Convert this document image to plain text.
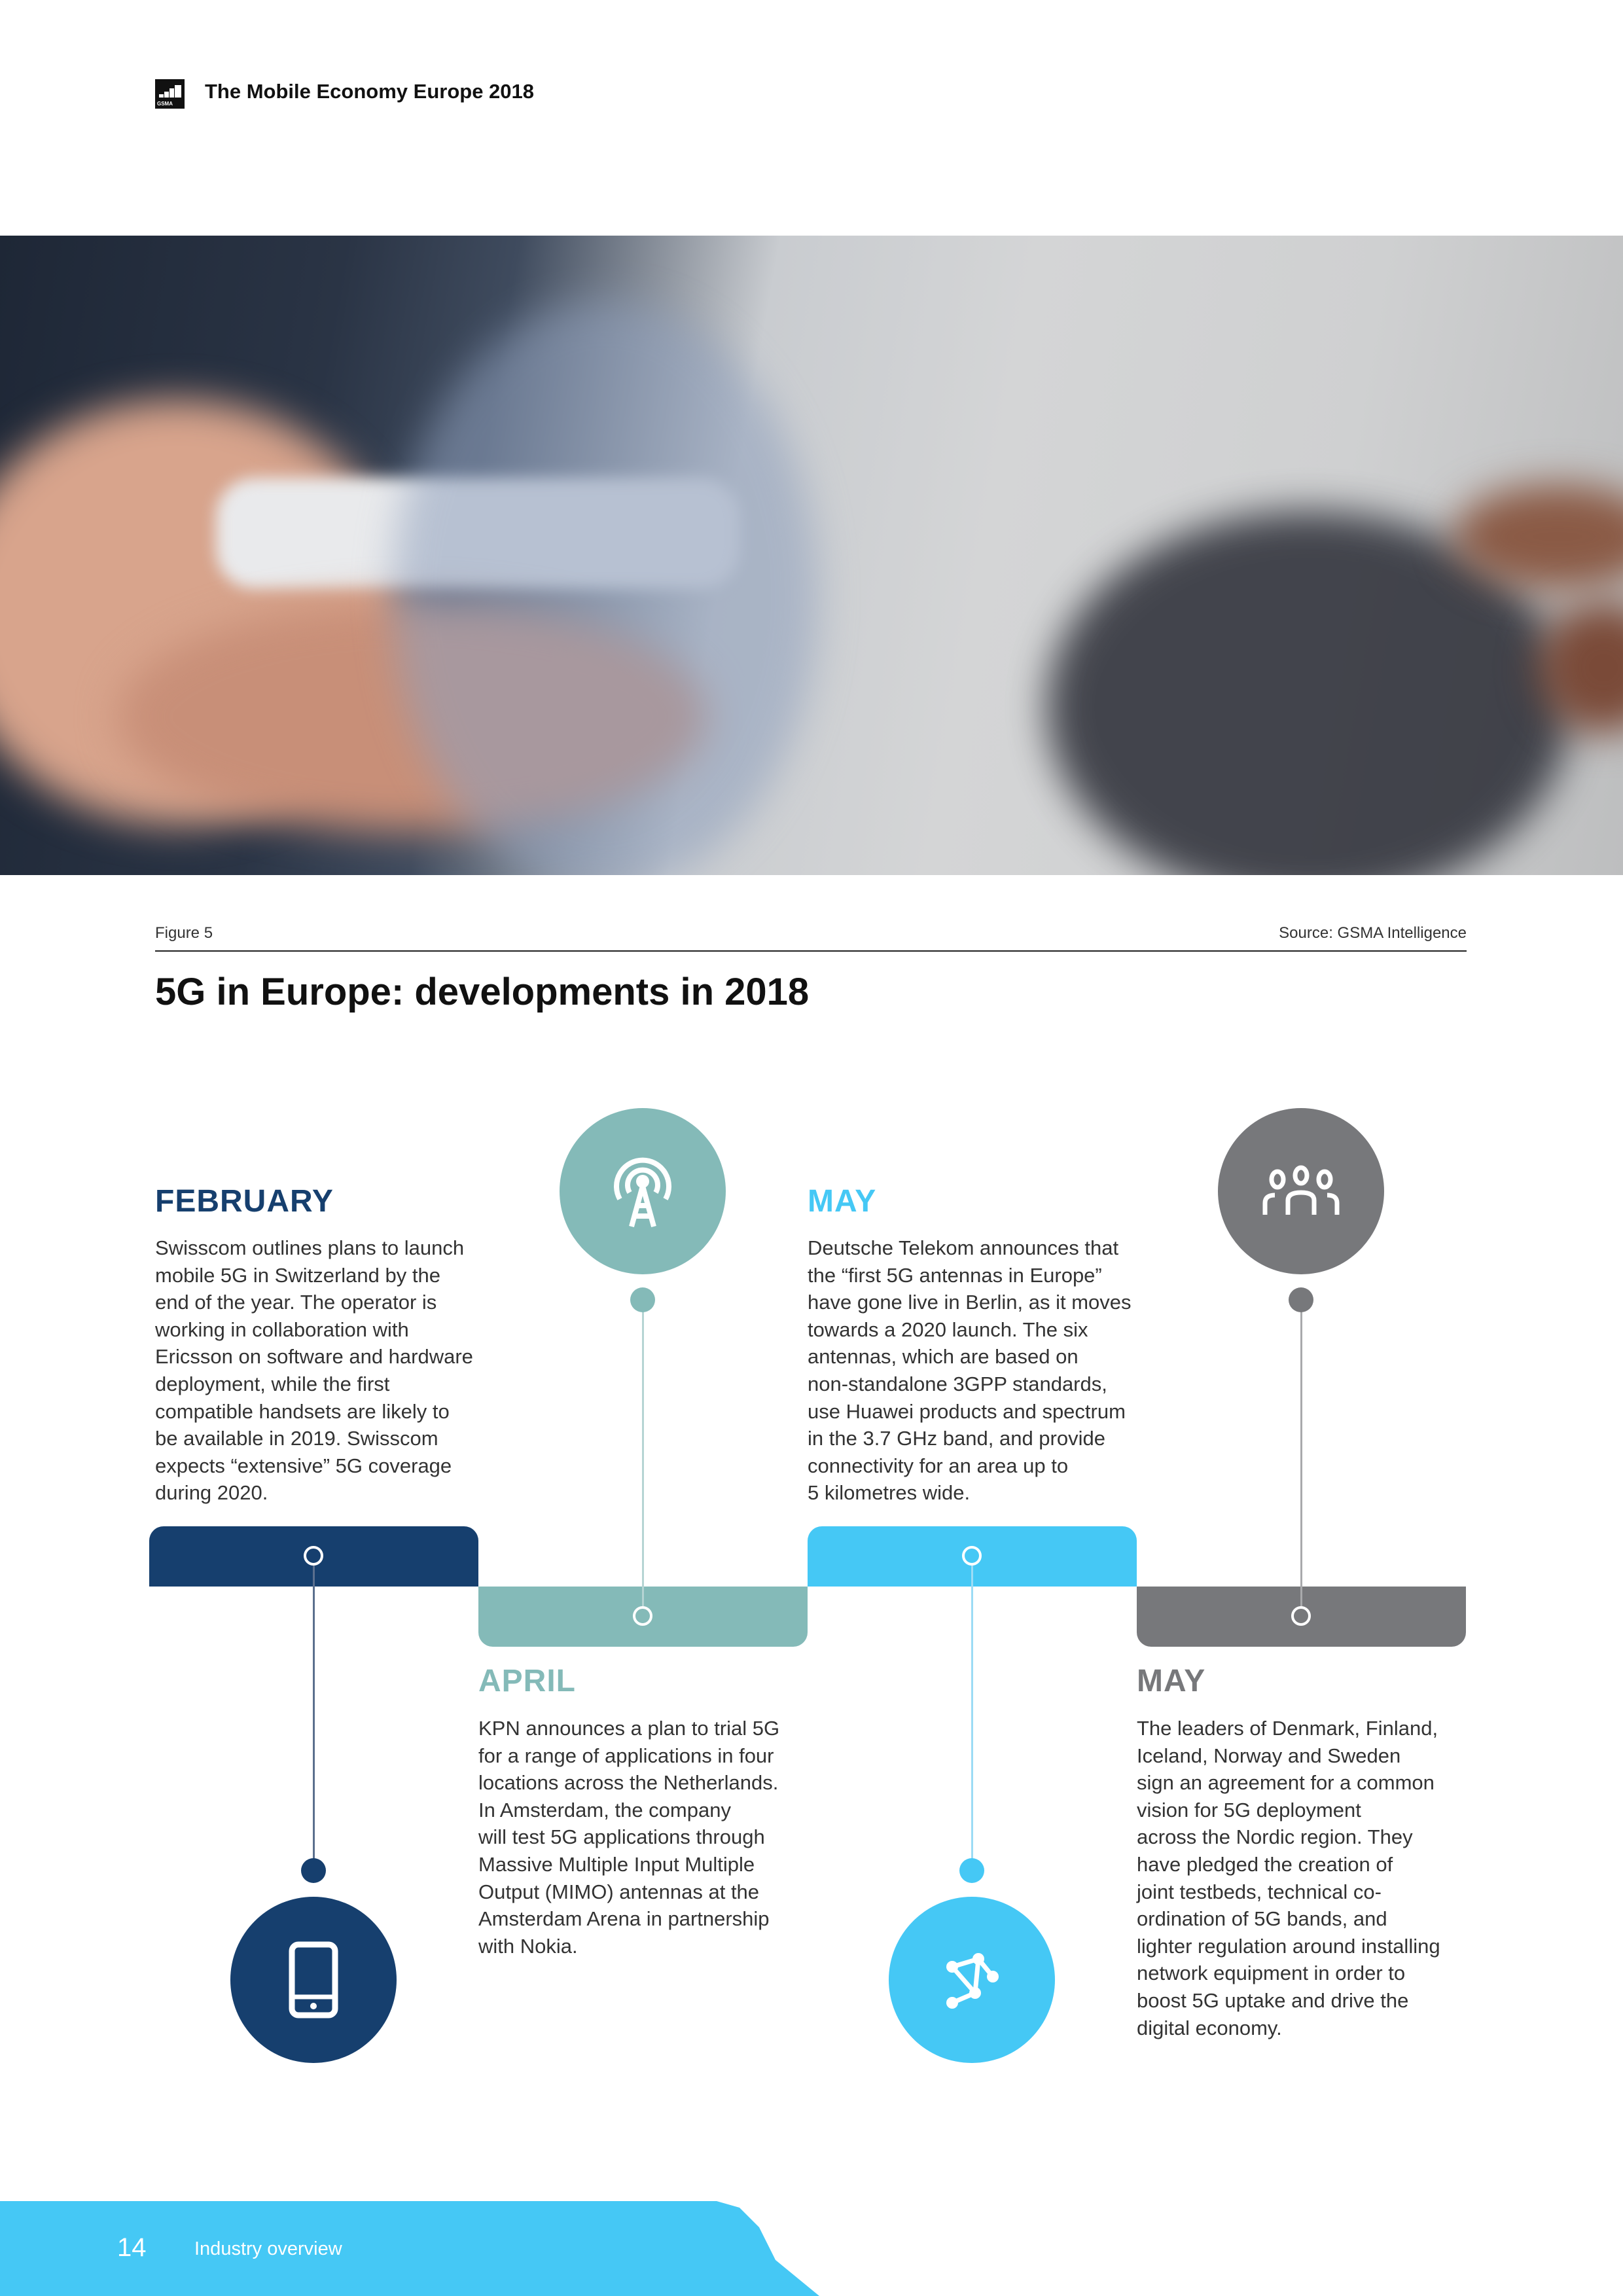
GSMA
The Mobile Economy Europe 2018
Figure 5	Source: GSMA Intelligence
5G in Europe: developments in 2018
FEBRUARY
Swisscom outlines plans to launch
mobile 5G in Switzerland by the
end of the year. The operator is
working in collaboration with
Ericsson on software and hardware
deployment, while the first
compatible handsets are likely to
be available in 2019. Swisscom
expects “extensive” 5G coverage
during 2020.
APRIL
KPN announces a plan to trial 5G
for a range of applications in four
locations across the Netherlands.
In Amsterdam, the company
will test 5G applications through
Massive Multiple Input Multiple
Output (MIMO) antennas at the
Amsterdam Arena in partnership
with Nokia.
MAY
Deutsche Telekom announces that
the “first 5G antennas in Europe”
have gone live in Berlin, as it moves
towards a 2020 launch. The six
antennas, which are based on
non-standalone 3GPP standards,
use Huawei products and spectrum
in the 3.7 GHz band, and provide
connectivity for an area up to
5 kilometres wide.
MAY
The leaders of Denmark, Finland,
Iceland, Norway and Sweden
sign an agreement for a common
vision for 5G deployment
across the Nordic region. They
have pledged the creation of
joint testbeds, technical co-
ordination of 5G bands, and
lighter regulation around installing
network equipment in order to
boost 5G uptake and drive the
digital economy.
14	Industry overview
